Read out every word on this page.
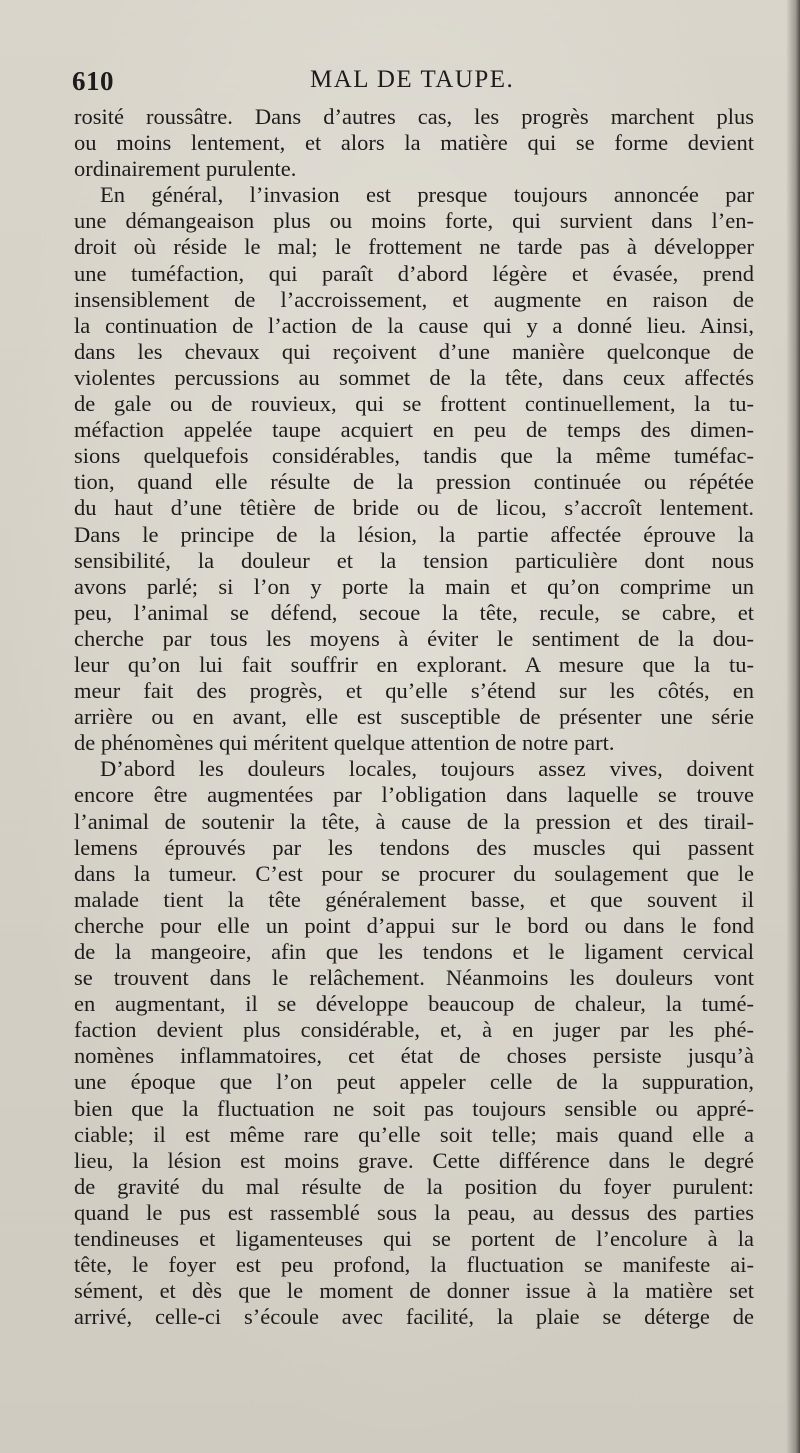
610	MAL DE TAUPE.
rosité roussâtre. Dans d’autres cas, les progrès marchent plus
ou moins lentement, et alors la matière qui se forme devient
ordinairement purulente.
En général, l’invasion est presque toujours annoncée par
une démangeaison plus ou moins forte, qui survient dans l’en-
droit où réside le mal; le frottement ne tarde pas à développer
une tuméfaction, qui paraît d’abord légère et évasée, prend
insensiblement de l’accroissement, et augmente en raison de
la continuation de l’action de la cause qui y a donné lieu. Ainsi,
dans les chevaux qui reçoivent d’une manière quelconque de
violentes percussions au sommet de la tête, dans ceux affectés
de gale ou de rouvieux, qui se frottent continuellement, la tu-
méfaction appelée taupe acquiert en peu de temps des dimen-
sions quelquefois considérables, tandis que la même tuméfac-
tion, quand elle résulte de la pression continuée ou répétée
du haut d’une têtière de bride ou de licou, s’accroît lentement.
Dans le principe de la lésion, la partie affectée éprouve la
sensibilité, la douleur et la tension particulière dont nous
avons parlé; si l’on y porte la main et qu’on comprime un
peu, l’animal se défend, secoue la tête, recule, se cabre, et
cherche par tous les moyens à éviter le sentiment de la dou-
leur qu’on lui fait souffrir en explorant. A mesure que la tu-
meur fait des progrès, et qu’elle s’étend sur les côtés, en
arrière ou en avant, elle est susceptible de présenter une série
de phénomènes qui méritent quelque attention de notre part.
D’abord les douleurs locales, toujours assez vives, doivent
encore être augmentées par l’obligation dans laquelle se trouve
l’animal de soutenir la tête, à cause de la pression et des tirail-
lemens éprouvés par les tendons des muscles qui passent
dans la tumeur. C’est pour se procurer du soulagement que le
malade tient la tête généralement basse, et que souvent il
cherche pour elle un point d’appui sur le bord ou dans le fond
de la mangeoire, afin que les tendons et le ligament cervical
se trouvent dans le relâchement. Néanmoins les douleurs vont
en augmentant, il se développe beaucoup de chaleur, la tumé-
faction devient plus considérable, et, à en juger par les phé-
nomènes inflammatoires, cet état de choses persiste jusqu’à
une époque que l’on peut appeler celle de la suppuration,
bien que la fluctuation ne soit pas toujours sensible ou appré-
ciable; il est même rare qu’elle soit telle; mais quand elle a
lieu, la lésion est moins grave. Cette différence dans le degré
de gravité du mal résulte de la position du foyer purulent:
quand le pus est rassemblé sous la peau, au dessus des parties
tendineuses et ligamenteuses qui se portent de l’encolure à la
tête, le foyer est peu profond, la fluctuation se manifeste ai-
sément, et dès que le moment de donner issue à la matière set
arrivé, celle-ci s’écoule avec facilité, la plaie se déterge de
